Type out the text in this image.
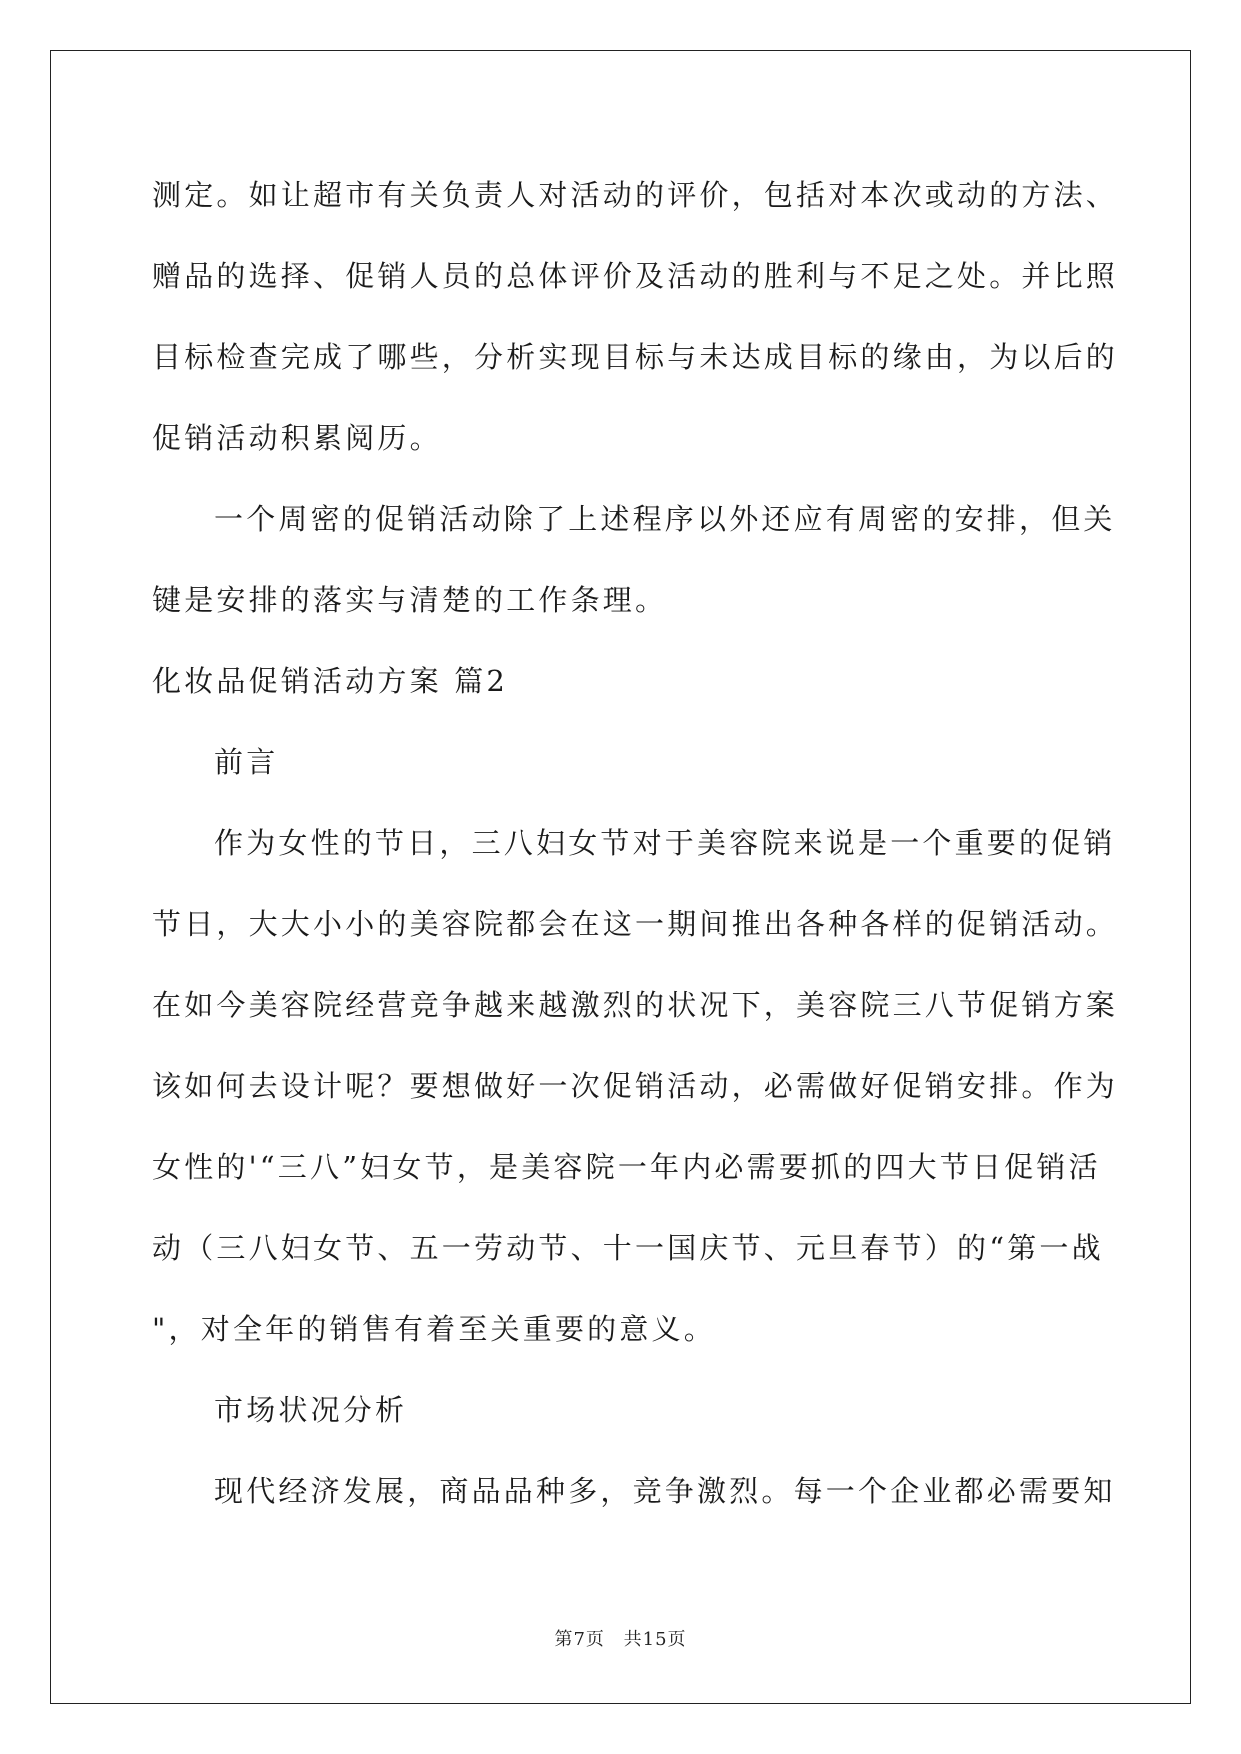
测定。如让超市有关负责人对活动的评价，包括对本次或动的方法、
赠品的选择、促销人员的总体评价及活动的胜利与不足之处。并比照
目标检查完成了哪些，分析实现目标与未达成目标的缘由，为以后的
促销活动积累阅历。
一个周密的促销活动除了上述程序以外还应有周密的安排，但关
键是安排的落实与清楚的工作条理。
化妆品促销活动方案 篇2
前言
作为女性的节日，三八妇女节对于美容院来说是一个重要的促销
节日，大大小小的美容院都会在这一期间推出各种各样的促销活动。
在如今美容院经营竞争越来越激烈的状况下，美容院三八节促销方案
该如何去设计呢？要想做好一次促销活动，必需做好促销安排。作为
女性的'“三八”妇女节，是美容院一年内必需要抓的四大节日促销活
动（三八妇女节、五一劳动节、十一国庆节、元旦春节）的“第一战
"，对全年的销售有着至关重要的意义。
市场状况分析
现代经济发展，商品品种多，竞争激烈。每一个企业都必需要知
第7页 共15页
